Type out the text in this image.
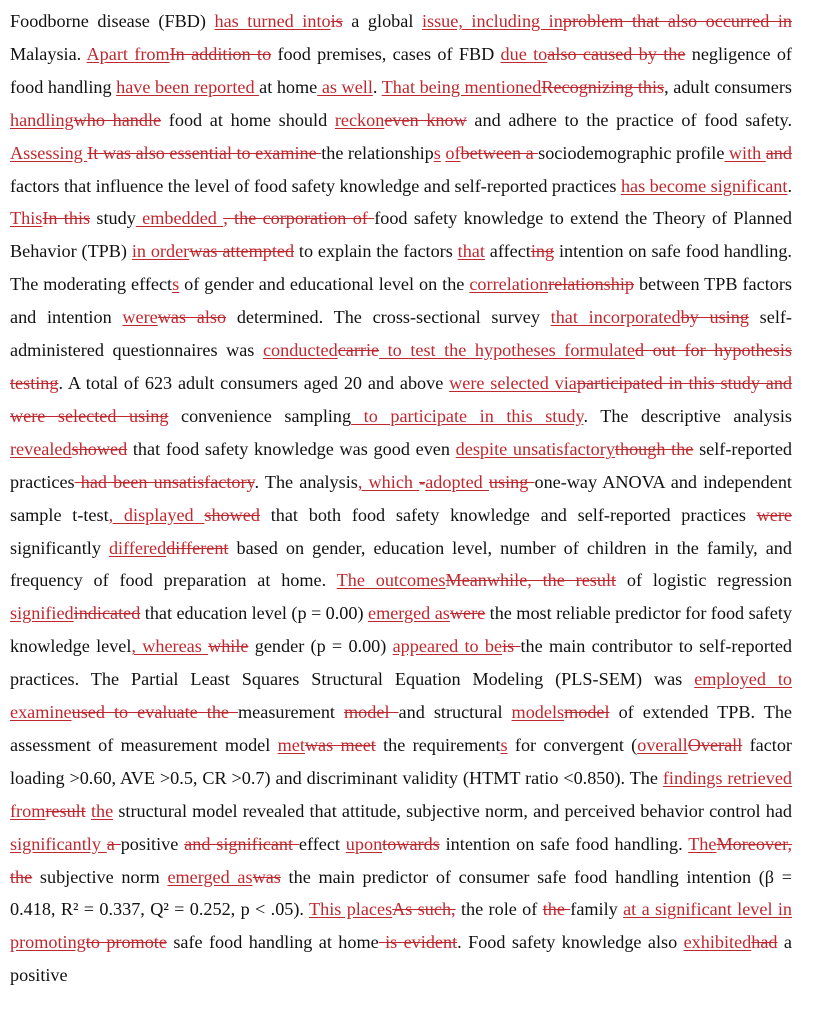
Foodborne disease (FBD) has turned intois a global issue, including inproblem that also occurred in Malaysia. Apart fromIn addition to food premises, cases of FBD due toalso caused by the negligence of food handling have been reported at home as well. That being mentionedRecognizing this, adult consumers handlingwho handle food at home should reckoneven know and adhere to the practice of food safety. Assessing It was also essential to examine the relationships ofbetween a sociodemographic profile with and factors that influence the level of food safety knowledge and self-reported practices has become significant. ThisIn this study embedded , the corporation of food safety knowledge to extend the Theory of Planned Behavior (TPB) in orderwas attempted to explain the factors that affecting intention on safe food handling. The moderating effects of gender and educational level on the correlationrelationship between TPB factors and intention werewas also determined. The cross-sectional survey that incorporatedby using self-administered questionnaires was conductedcarrie to test the hypotheses formulated out for hypothesis testing. A total of 623 adult consumers aged 20 and above were selected viaparticipated in this study and were selected using convenience sampling to participate in this study. The descriptive analysis revealedshowed that food safety knowledge was good even despite unsatisfactorythough the self-reported practices had been unsatisfactory. The analysis, which -adopted using one-way ANOVA and independent sample t-test, displayed showed that both food safety knowledge and self-reported practices were significantly differeddifferent based on gender, education level, number of children in the family, and frequency of food preparation at home. The outcomesMeanwhile, the result of logistic regression signifiedindicated that education level (p = 0.00) emerged aswere the most reliable predictor for food safety knowledge level, whereas while gender (p = 0.00) appeared to beis the main contributor to self-reported practices. The Partial Least Squares Structural Equation Modeling (PLS-SEM) was employed to examineused to evaluate the measurement model and structural modelsmodel of extended TPB. The assessment of measurement model metwas meet the requirements for convergent (overallOverall factor loading >0.60, AVE >0.5, CR >0.7) and discriminant validity (HTMT ratio <0.850). The findings retrieved fromresult the structural model revealed that attitude, subjective norm, and perceived behavior control had significantly a positive and significant effect upontowards intention on safe food handling. TheMoreover, the subjective norm emerged aswas the main predictor of consumer safe food handling intention (β = 0.418, R² = 0.337, Q² = 0.252, p < .05). This placesAs such, the role of the family at a significant level in promotingto promote safe food handling at home is evident. Food safety knowledge also exhibitedhad a positive
